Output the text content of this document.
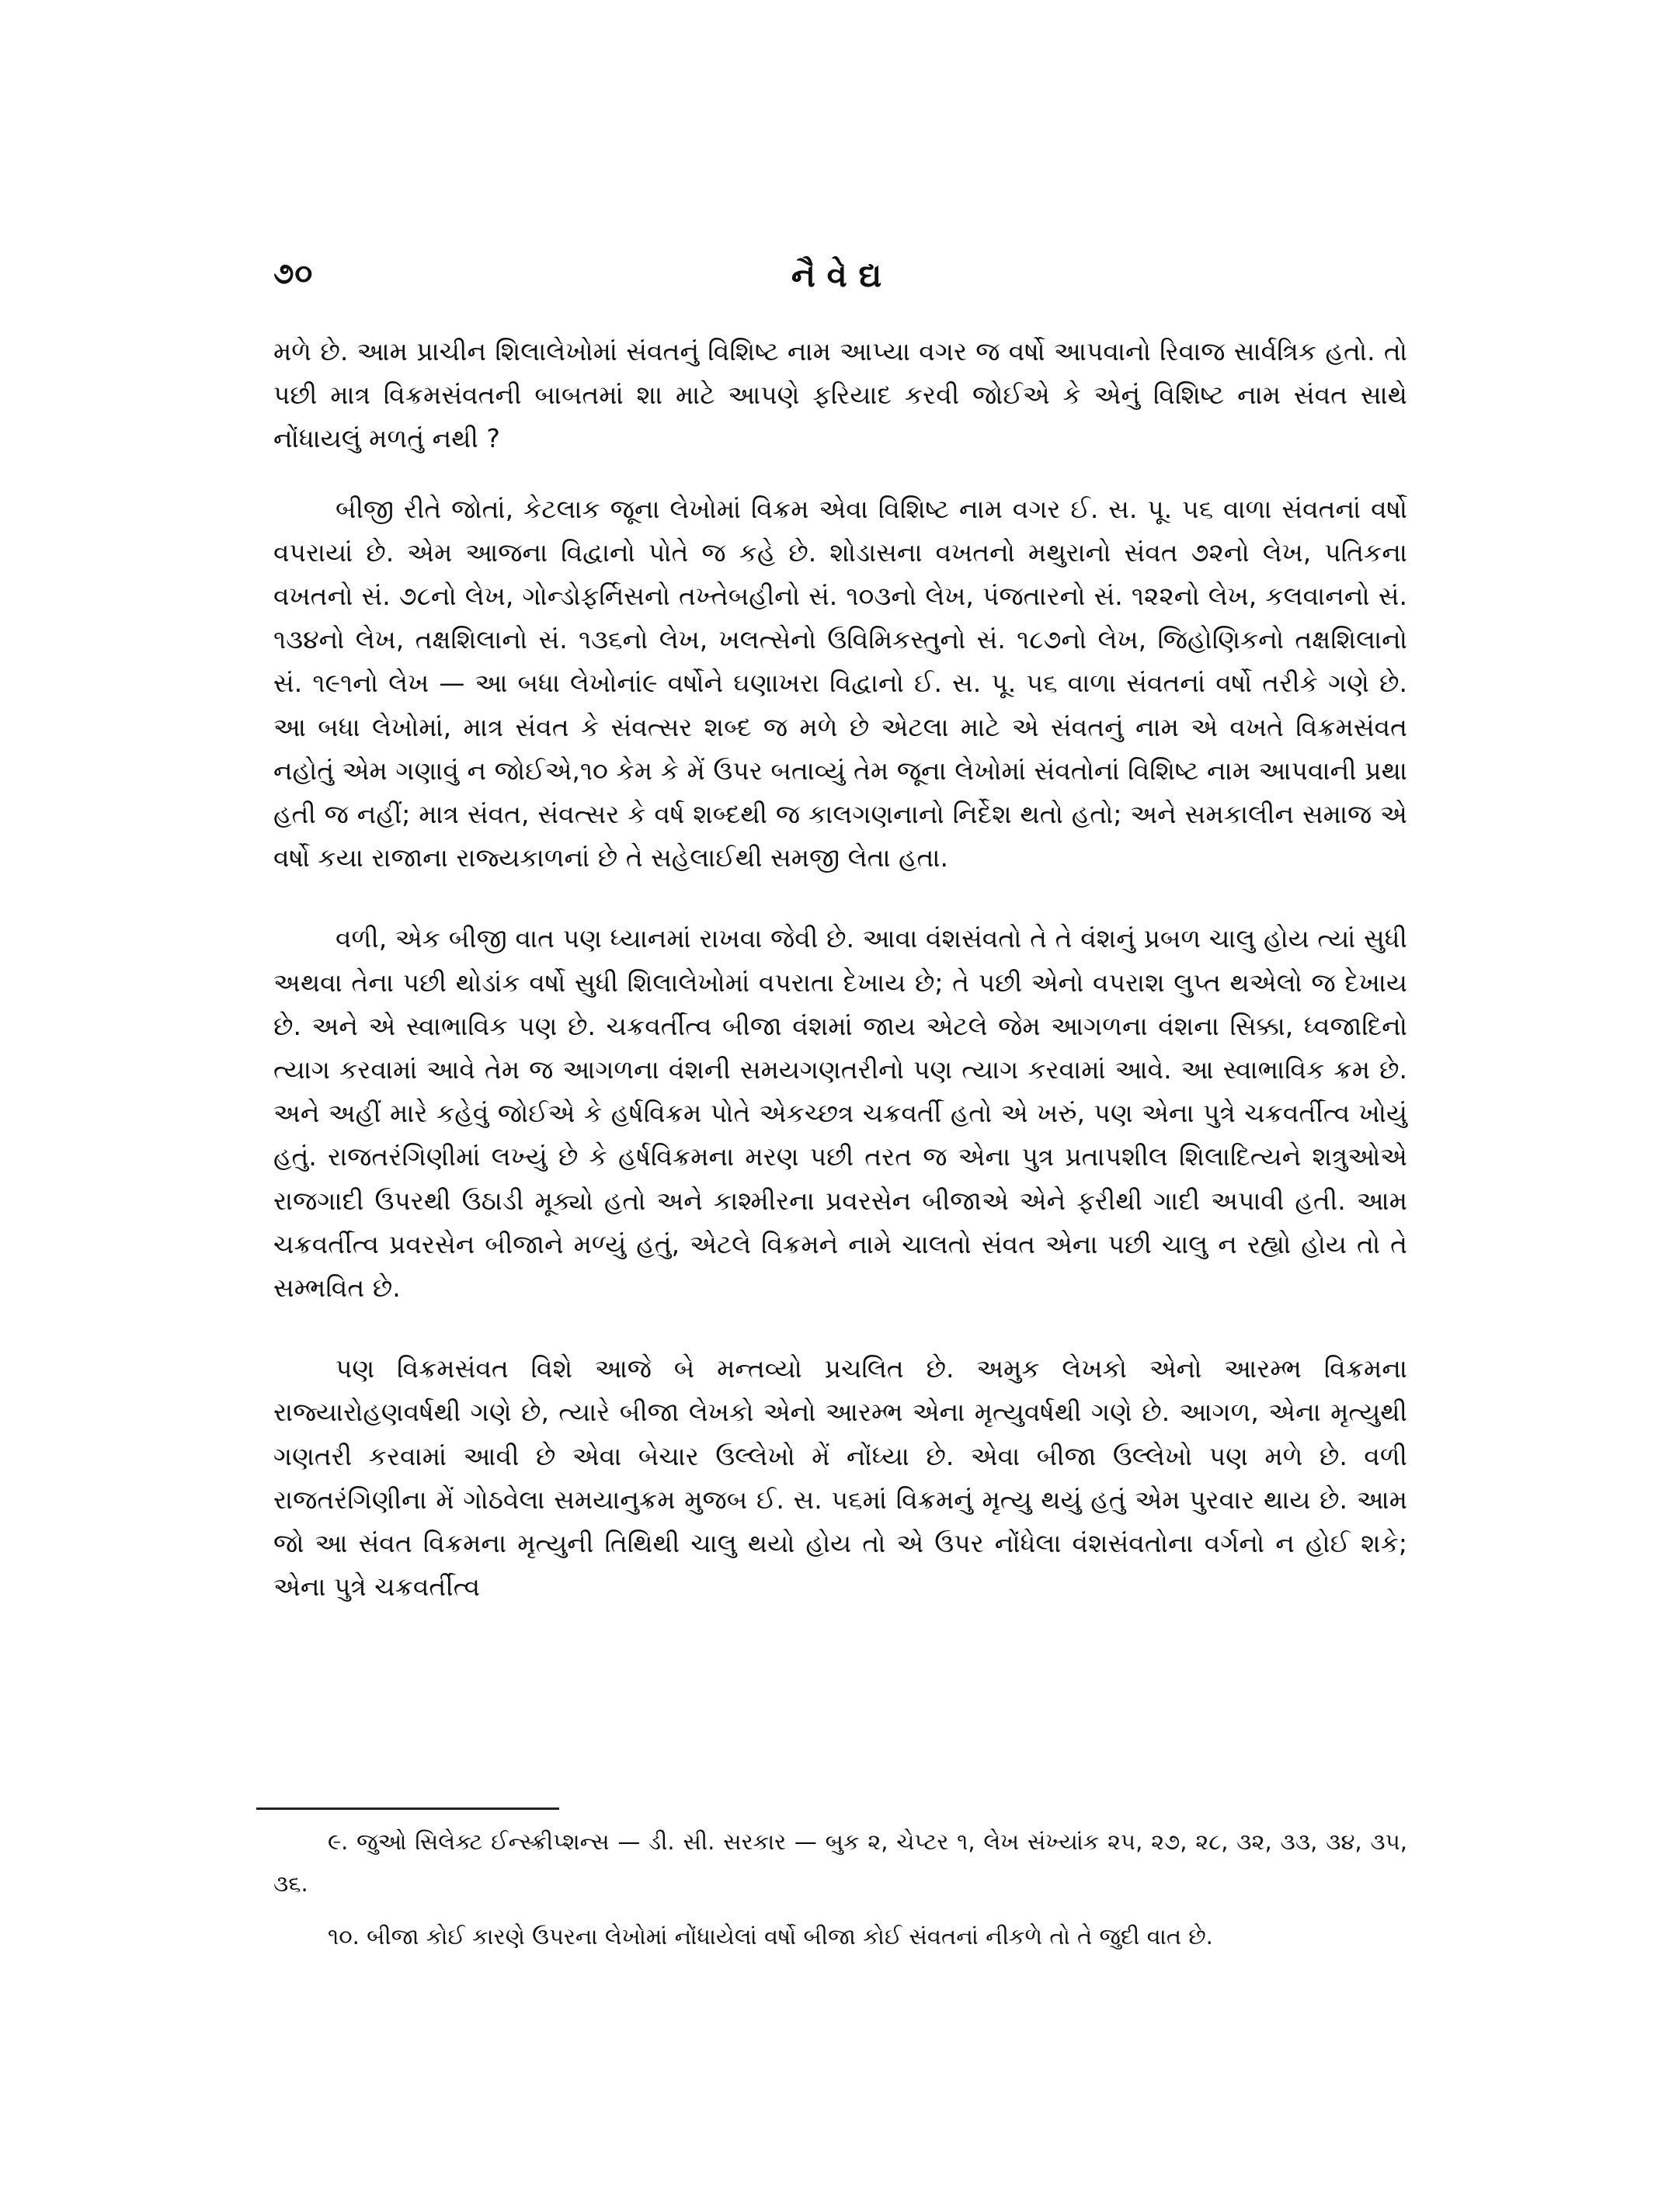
૭૦	નૈ વે દ્ય

મળે છે. આમ પ્રાચીન શિલાલેખોમાં સંવતનું વિશિષ્ટ નામ આપ્યા વગર જ વર્ષો આપવાનો રિવાજ સાર્વત્રિક હતો. તો પછી માત્ર વિક્રમસંવતની બાબતમાં શા માટે આપણે ફરિયાદ કરવી જોઈએ કે એનું વિશિષ્ટ નામ સંવત સાથે નોંધાયલું મળતું નથી ?

બીજી રીતે જોતાં, કેટલાક જૂના લેખોમાં વિક્રમ એવા વિશિષ્ટ નામ વગર ઈ. સ. પૂ. ૫૬ વાળા સંવતનાં વર્ષો વપરાયાં છે. એમ આજના વિદ્વાનો પોતે જ કહે છે. શોડાસના વખતનો મથુરાનો સંવત ૭૨નો લેખ, પતિકના વખતનો સં. ૭૮નો લેખ, ગોન્ડોફર્નિસનો તખ્તેબહીનો સં. ૧૦૩નો લેખ, પંજતારનો સં. ૧૨૨નો લેખ, કલવાનનો સં. ૧૩૪નો લેખ, તક્ષશિલાનો સં. ૧૩૬નો લેખ, ખલત્સેનો ઉવિમિકસ્તુનો સં. ૧૮૭નો લેખ, જિહોણિકનો તક્ષશિલાનો સં. ૧૯૧નો લેખ — આ બધા લેખોનાં૯ વર્ષોને ઘણાખરા વિદ્વાનો ઈ. સ. પૂ. ૫૬ વાળા સંવતનાં વર્ષો તરીકે ગણે છે. આ બધા લેખોમાં, માત્ર સંવત કે સંવત્સર શબ્દ જ મળે છે એટલા માટે એ સંવતનું નામ એ વખતે વિક્રમસંવત નહોતું એમ ગણાવું ન જોઈએ,૧૦ કેમ કે મેં ઉપર બતાવ્યું તેમ જૂના લેખોમાં સંવતોનાં વિશિષ્ટ નામ આપવાની પ્રથા હતી જ નહીં; માત્ર સંવત, સંવત્સર કે વર્ષ શબ્દથી જ કાલગણનાનો નિર્દેશ થતો હતો; અને સમકાલીન સમાજ એ વર્ષો કયા રાજાના રાજ્યકાળનાં છે તે સહેલાઈથી સમજી લેતા હતા.

વળી, એક બીજી વાત પણ ધ્યાનમાં રાખવા જેવી છે. આવા વંશસંવતો તે તે વંશનું પ્રબળ ચાલુ હોય ત્યાં સુધી અથવા તેના પછી થોડાંક વર્ષો સુધી શિલાલેખોમાં વપરાતા દેખાય છે; તે પછી એનો વપરાશ લુપ્ત થએલો જ દેખાય છે. અને એ સ્વાભાવિક પણ છે. ચક્રવર્તીત્વ બીજા વંશમાં જાય એટલે જેમ આગળના વંશના સિક્કા, ધ્વજાદિનો ત્યાગ કરવામાં આવે તેમ જ આગળના વંશની સમયગણતરીનો પણ ત્યાગ કરવામાં આવે. આ સ્વાભાવિક ક્રમ છે. અને અહીં મારે કહેવું જોઈએ કે હર્ષવિક્રમ પોતે એકચ્છત્ર ચક્રવર્તી હતો એ ખરું, પણ એના પુત્રે ચક્રવર્તીત્વ ખોયું હતું. રાજતરંગિણીમાં લખ્યું છે કે હર્ષવિક્રમના મરણ પછી તરત જ એના પુત્ર પ્રતાપશીલ શિલાદિત્યને શત્રુઓએ રાજગાદી ઉપરથી ઉઠાડી મૂક્યો હતો અને કાશ્મીરના પ્રવરસેન બીજાએ એને ફરીથી ગાદી અપાવી હતી. આમ ચક્રવર્તીત્વ પ્રવરસેન બીજાને મળ્યું હતું, એટલે વિક્રમને નામે ચાલતો સંવત એના પછી ચાલુ ન રહ્યો હોય તો તે સમ્ભવિત છે.

પણ વિક્રમસંવત વિશે આજે બે મન્તવ્યો પ્રચલિત છે. અમુક લેખકો એનો આરમ્ભ વિક્રમના રાજ્યારોહણવર્ષથી ગણે છે, ત્યારે બીજા લેખકો એનો આરમ્ભ એના મૃત્યુવર્ષથી ગણે છે. આગળ, એના મૃત્યુથી ગણતરી કરવામાં આવી છે એવા બેચાર ઉલ્લેખો મેં નોંધ્યા છે. એવા બીજા ઉલ્લેખો પણ મળે છે. વળી રાજતરંગિણીના મેં ગોઠવેલા સમયાનુક્રમ મુજબ ઈ. સ. ૫૬માં વિક્રમનું મૃત્યુ થયું હતું એમ પુરવાર થાય છે. આમ જો આ સંવત વિક્રમના મૃત્યુની તિથિથી ચાલુ થયો હોય તો એ ઉપર નોંધેલા વંશસંવતોના વર્ગનો ન હોઈ શકે; એના પુત્રે ચક્રવર્તીત્વ

૯. જુઓ સિલેક્ટ ઈન્સ્ક્રીપ્શન્સ — ડી. સી. સરકાર — બુક ૨, ચેપ્ટર ૧, લેખ સંખ્યાંક ૨૫, ૨૭, ૨૮, ૩૨, ૩૩, ૩૪, ૩૫, ૩૬.

૧૦. બીજા કોઈ કારણે ઉપરના લેખોમાં નોંધાયેલાં વર્ષો બીજા કોઈ સંવતનાં નીકળે તો તે જુદી વાત છે.
